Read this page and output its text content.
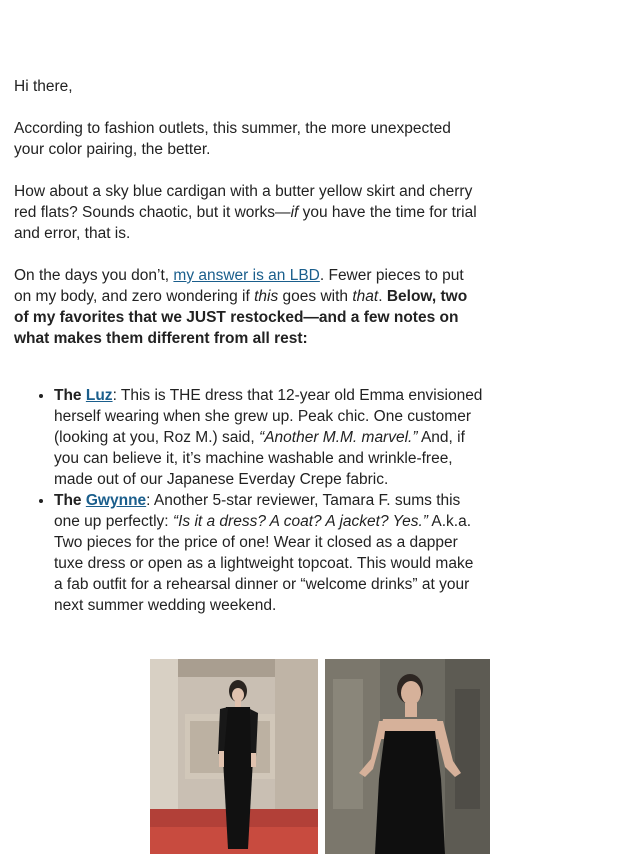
Hi there,

According to fashion outlets, this summer, the more unexpected your color pairing, the better.

How about a sky blue cardigan with a butter yellow skirt and cherry red flats? Sounds chaotic, but it works—if you have the time for trial and error, that is.

On the days you don’t, my answer is an LBD. Fewer pieces to put on my body, and zero wondering if this goes with that. Below, two of my favorites that we JUST restocked—and a few notes on what makes them different from all rest:

• The Luz: This is THE dress that 12-year old Emma envisioned herself wearing when she grew up. Peak chic. One customer (looking at you, Roz M.) said, “Another M.M. marvel.” And, if you can believe it, it’s machine washable and wrinkle-free, made out of our Japanese Everday Crepe fabric.
• The Gwynne: Another 5-star reviewer, Tamara F. sums this one up perfectly: “Is it a dress? A coat? A jacket? Yes.” A.k.a. Two pieces for the price of one! Wear it closed as a dapper tuxe dress or open as a lightweight topcoat. This would make a fab outfit for a rehearsal dinner or “welcome drinks” at your next summer wedding weekend.
